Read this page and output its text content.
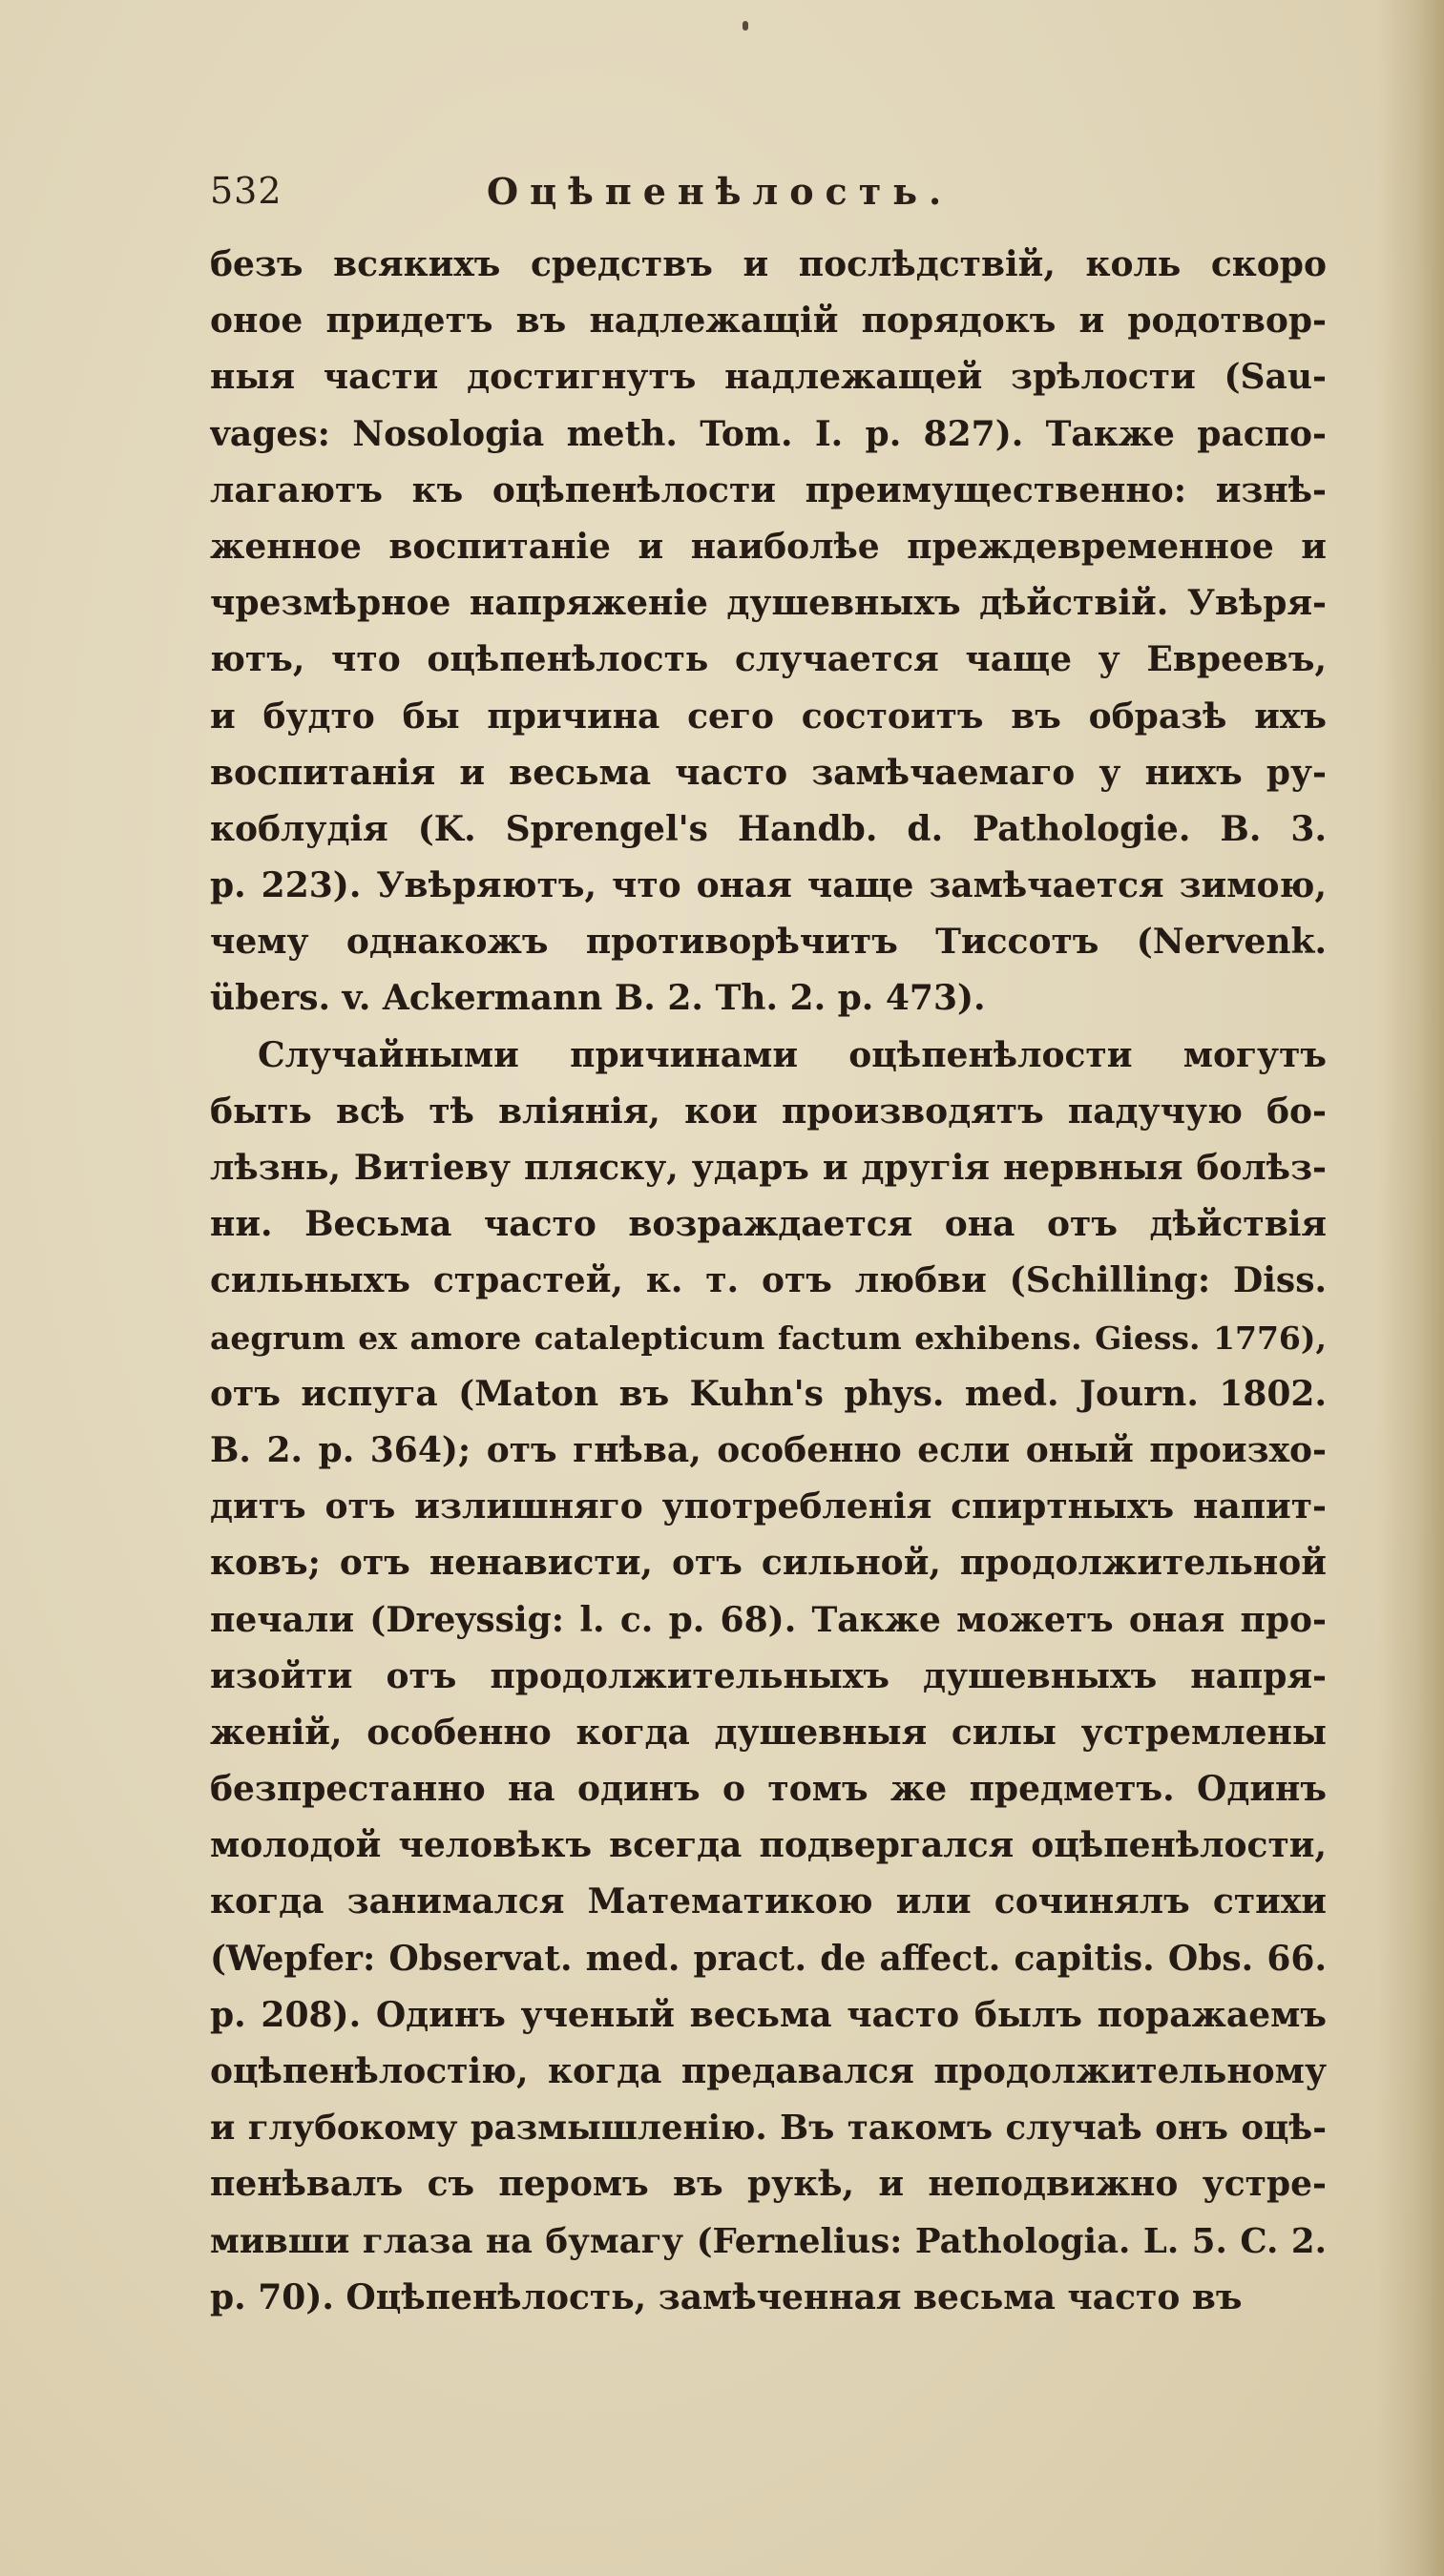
532	Оцѣпенѣлость.
безъ всякихъ средствъ и послѣдствій, коль скоро
оное придетъ въ надлежащій порядокъ и родотвор-
ныя части достигнутъ надлежащей зрѣлости (Sau-
vages: Nosologia meth. Tom. I. p. 827). Также распо-
лагаютъ къ оцѣпенѣлости преимущественно: изнѣ-
женное воспитаніе и наиболѣе преждевременное и
чрезмѣрное напряженіе душевныхъ дѣйствій. Увѣря-
ютъ, что оцѣпенѣлость случается чаще у Евреевъ,
и будто бы причина сего состоитъ въ образѣ ихъ
воспитанія и весьма часто замѣчаемаго у нихъ ру-
коблудія (K. Sprengel's Handb. d. Pathologie. B. 3.
p. 223). Увѣряютъ, что оная чаще замѣчается зимою,
чему однакожъ противорѣчитъ Тиссотъ (Nervenk.
übers. v. Ackermann B. 2. Th. 2. p. 473).
Случайными причинами оцѣпенѣлости могутъ
быть всѣ тѣ вліянія, кои производятъ падучую бо-
лѣзнь, Витіеву пляску, ударъ и другія нервныя болѣз-
ни. Весьма часто возраждается она отъ дѣйствія
сильныхъ страстей, к. т. отъ любви (Schilling: Diss.
aegrum ex amore catalepticum factum exhibens. Giess. 1776),
отъ испуга (Maton въ Kuhn's phys. med. Journ. 1802.
B. 2. p. 364); отъ гнѣва, особенно если оный произхо-
дитъ отъ излишняго употребленія спиртныхъ напит-
ковъ; отъ ненависти, отъ сильной, продолжительной
печали (Dreyssig: l. c. p. 68). Также можетъ оная про-
изойти отъ продолжительныхъ душевныхъ напря-
женій, особенно когда душевныя силы устремлены
безпрестанно на одинъ о томъ же предметъ. Одинъ
молодой человѣкъ всегда подвергался оцѣпенѣлости,
когда занимался Математикою или сочинялъ стихи
(Wepfer: Observat. med. pract. de affect. capitis. Obs. 66.
p. 208). Одинъ ученый весьма часто былъ поражаемъ
оцѣпенѣлостію, когда предавался продолжительному
и глубокому размышленію. Въ такомъ случаѣ онъ оцѣ-
пенѣвалъ съ перомъ въ рукѣ, и неподвижно устре-
мивши глаза на бумагу (Fernelius: Pathologia. L. 5. C. 2.
p. 70). Оцѣпенѣлость, замѣченная весьма часто въ
